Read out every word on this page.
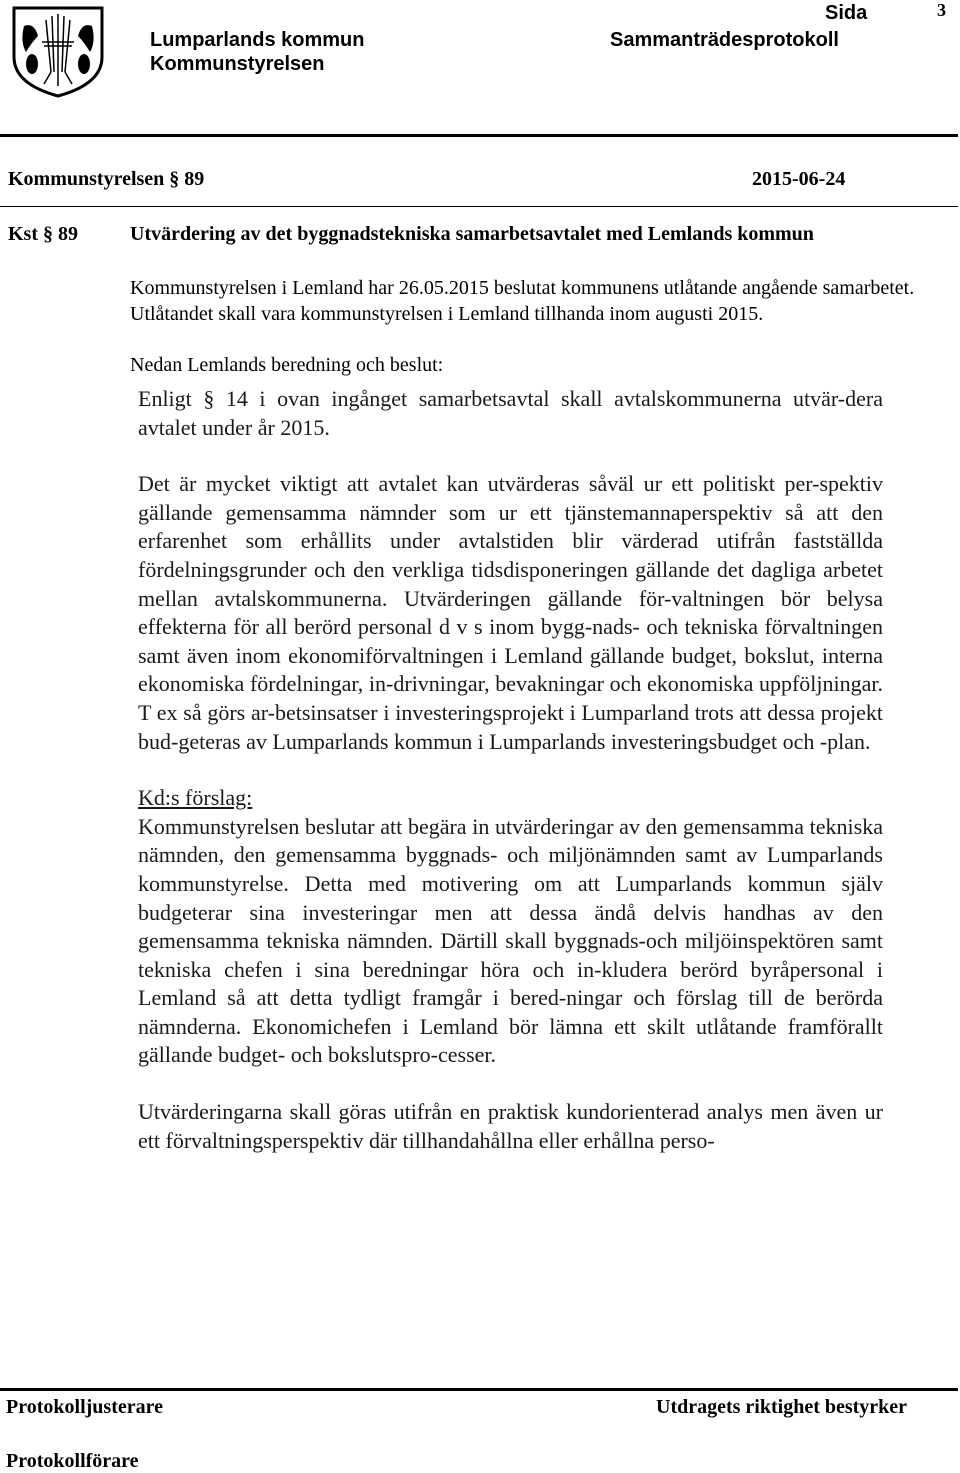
Lumparlands kommun
Kommunstyrelsen
Sammanträdesprotokoll
Sida	3
Kommunstyrelsen § 89	2015-06-24
Kst § 89	Utvärdering av det byggnadstekniska samarbetsavtalet med Lemlands kommun
Kommunstyrelsen i Lemland har 26.05.2015 beslutat kommunens utlåtande angående samarbetet. Utlåtandet skall vara kommunstyrelsen i Lemland tillhanda inom augusti 2015.
Nedan Lemlands beredning och beslut:

Enligt § 14 i ovan ingånget samarbetsavtal skall avtalskommunerna utvär-dera avtalet under år 2015.

Det är mycket viktigt att avtalet kan utvärderas såväl ur ett politiskt per-spektiv gällande gemensamma nämnder som ur ett tjänstemannaperspektiv så att den erfarenhet som erhållits under avtalstiden blir värderad utifrån fastställda fördelningsgrunder och den verkliga tidsdisponeringen gällande det dagliga arbetet mellan avtalskommunerna. Utvärderingen gällande för-valtningen bör belysa effekterna för all berörd personal d v s inom bygg-nads- och tekniska förvaltningen samt även inom ekonomiförvaltningen i Lemland gällande budget, bokslut, interna ekonomiska fördelningar, in-drivningar, bevakningar och ekonomiska uppföljningar. T ex så görs ar-betsinsatser i investeringsprojekt i Lumparland trots att dessa projekt bud-geteras av Lumparlands kommun i Lumparlands investeringsbudget och -plan.

Kd:s förslag:

Kommunstyrelsen beslutar att begära in utvärderingar av den gemensamma tekniska nämnden, den gemensamma byggnads- och miljönämnden samt av Lumparlands kommunstyrelse. Detta med motivering om att Lumparlands kommun själv budgeterar sina investeringar men att dessa ändå delvis handhas av den gemensamma tekniska nämnden. Därtill skall byggnads-och miljöinspektören samt tekniska chefen i sina beredningar höra och in-kludera berörd byråpersonal i Lemland så att detta tydligt framgår i bered-ningar och förslag till de berörda nämnderna. Ekonomichefen i Lemland bör lämna ett skilt utlåtande framförallt gällande budget- och bokslutspro-cesser.

Utvärderingarna skall göras utifrån en praktisk kundorienterad analys men även ur ett förvaltningsperspektiv där tillhandahållna eller erhållna perso-

Protokolljusterare	Utdragets riktighet bestyrker
Protokollförare
